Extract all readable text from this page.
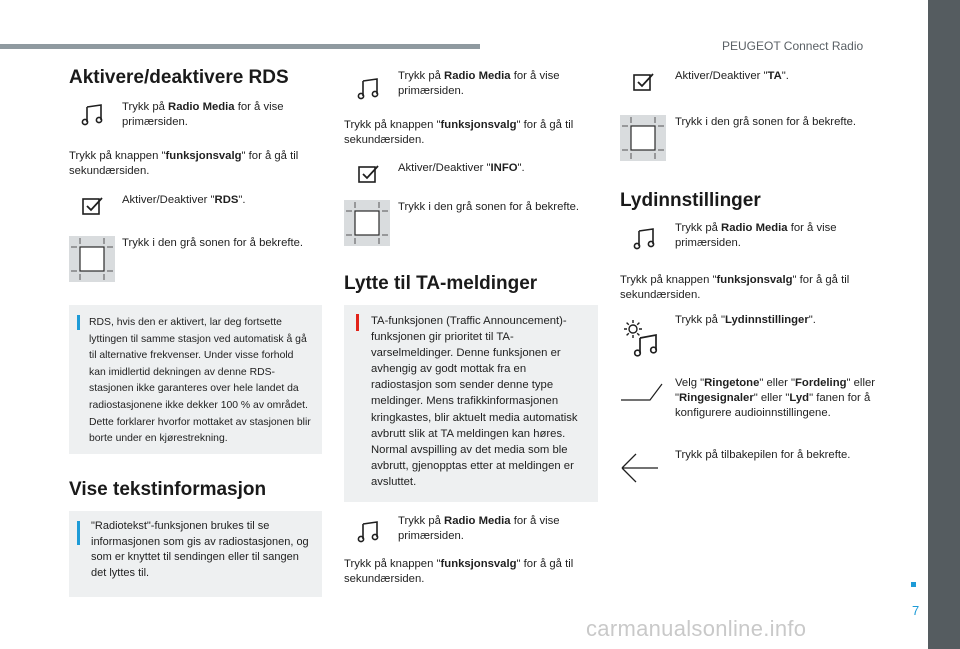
PEUGEOT Connect Radio
7
carmanualsonline.info
Aktivere/deaktivere RDS
Trykk på Radio Media for å vise primærsiden.
Trykk på knappen "funksjonsvalg" for å gå til sekundærsiden.
Aktiver/Deaktiver "RDS".
Trykk i den grå sonen for å bekrefte.
RDS, hvis den er aktivert, lar deg fortsette lyttingen til samme stasjon ved automatisk å gå til alternative frekvenser. Under visse forhold kan imidlertid dekningen av denne RDS-stasjonen ikke garanteres over hele landet da radiostasjonene ikke dekker 100 % av området. Dette forklarer hvorfor mottaket av stasjonen blir borte under en kjørestrekning.
Vise tekstinformasjon
"Radiotekst"-funksjonen brukes til se informasjonen som gis av radiostasjonen, og som er knyttet til sendingen eller til sangen det lyttes til.
Trykk på Radio Media for å vise primærsiden.
Trykk på knappen "funksjonsvalg" for å gå til sekundærsiden.
Aktiver/Deaktiver "INFO".
Trykk i den grå sonen for å bekrefte.
Lytte til TA-meldinger
TA-funksjonen (Traffic Announcement)-funksjonen gir prioritet til TA-varselmeldinger. Denne funksjonen er avhengig av godt mottak fra en radiostasjon som sender denne type meldinger. Mens trafikkinformasjonen kringkastes, blir aktuelt media automatisk avbrutt slik at TA meldingen kan høres. Normal avspilling av det media som ble avbrutt, gjenopptas etter at meldingen er avsluttet.
Trykk på Radio Media for å vise primærsiden.
Trykk på knappen "funksjonsvalg" for å gå til sekundærsiden.
Aktiver/Deaktiver "TA".
Trykk i den grå sonen for å bekrefte.
Lydinnstillinger
Trykk på Radio Media for å vise primærsiden.
Trykk på knappen "funksjonsvalg" for å gå til sekundærsiden.
Trykk på "Lydinnstillinger".
Velg "Ringetone" eller "Fordeling" eller "Ringesignaler" eller "Lyd" fanen for å konfigurere audioinnstillingene.
Trykk på tilbakepilen for å bekrefte.
